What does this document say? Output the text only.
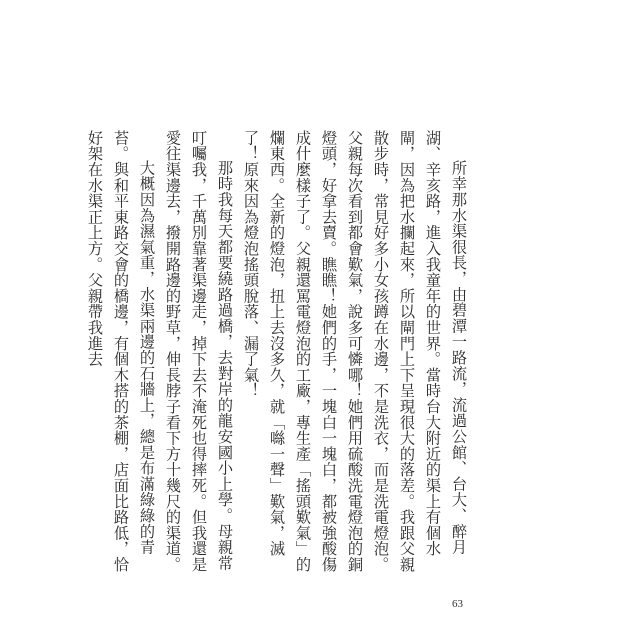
所幸那水渠很長，由碧潭一路流，流過公館、台大、醉月湖、辛亥路，進入我童年的世界。當時台大附近的渠上有個水閘，因為把水攔起來，所以閘門上下呈現很大的落差。我跟父親散步時，常見好多小女孩蹲在水邊，不是洗衣，而是洗電燈泡。父親每次看到都會歎氣，說多可憐哪！她們用硫酸洗電燈泡的銅燈頭，好拿去賣。瞧瞧！她們的手，一塊白一塊白，都被強酸傷成什麼樣子了。父親還罵電燈泡的工廠，專生產「搖頭歎氣」的爛東西。全新的燈泡，扭上去沒多久，就「噝一聲」歎氣，滅了！原來因為燈泡搖頭脫落、漏了氣！

那時我每天都要繞路過橋，去對岸的龍安國小上學。母親常叮囑我，千萬別靠著渠邊走，掉下去不淹死也得摔死。但我還是愛往渠邊去，撥開路邊的野草，伸長脖子看下方十幾尺的渠道。

大概因為濕氣重，水渠兩邊的石牆上，總是布滿綠綠的青苔。與和平東路交會的橋邊，有個木搭的茶棚，店面比路低，恰好架在水渠正上方。父親帶我進去

63
